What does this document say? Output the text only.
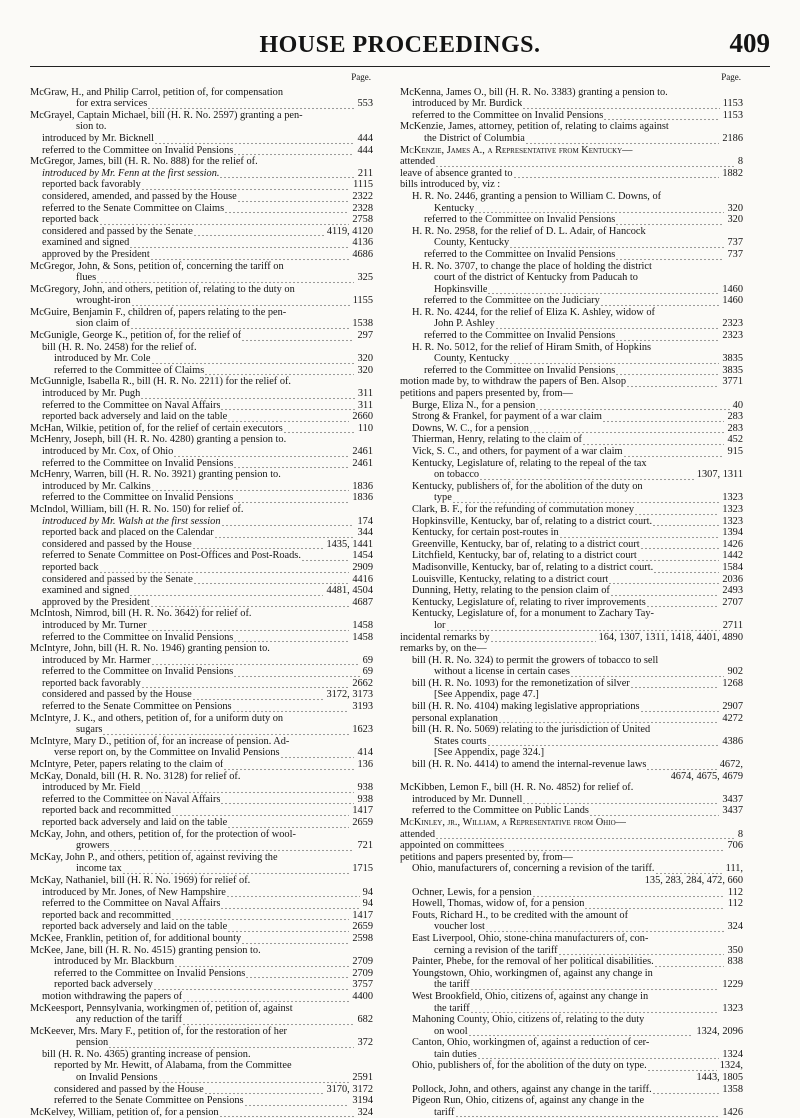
HOUSE PROCEEDINGS.	409
Page.
McGraw, H., and Philip Carrol, petition of, for compensation
for extra services	553
McGrayel, Captain Michael, bill (H. R. No. 2597) granting a pen-
sion to.
introduced by Mr. Bicknell	444
referred to the Committee on Invalid Pensions	444
McGregor, James, bill (H. R. No. 888) for the relief of.
introduced by Mr. Fenn at the first session.	211
reported back favorably	1115
considered, amended, and passed by the House	2322
referred to the Senate Committee on Claims	2328
reported back	2758
considered and passed by the Senate	4119, 4120
examined and signed	4136
approved by the President	4686
McGregor, John, & Sons, petition of, concerning the tariff on
flues	325
McGregory, John, and others, petition of, relating to the duty on
wrought-iron	1155
McGuire, Benjamin F., children of, papers relating to the pen-
sion claim of	1538
McGunigle, George K., petition of, for the relief of	297
bill (H. R. No. 2458) for the relief of.
introduced by Mr. Cole	320
referred to the Committee of Claims	320
McGunnigle, Isabella R., bill (H. R. No. 2211) for the relief of.
introduced by Mr. Pugh	311
referred to the Committee on Naval Affairs	311
reported back adversely and laid on the table	2660
McHan, Wilkie, petition of, for the relief of certain executors	110
McHenry, Joseph, bill (H. R. No. 4280) granting a pension to.
introduced by Mr. Cox, of Ohio	2461
referred to the Committee on Invalid Pensions	2461
McHenry, Warren, bill (H. R. No. 3921) granting pension to.
introduced by Mr. Calkins	1836
referred to the Committee on Invalid Pensions	1836
McIndol, William, bill (H. R. No. 150) for relief of.
introduced by Mr. Walsh at the first session	174
reported back and placed on the Calendar	344
considered and passed by the House	1435, 1441
referred to Senate Committee on Post-Offices and Post-Roads.	1454
reported back	2909
considered and passed by the Senate	4416
examined and signed	4481, 4504
approved by the President	4687
McIntosh, Nimrod, bill (H. R. No. 3642) for relief of.
introduced by Mr. Turner	1458
referred to the Committee on Invalid Pensions	1458
McIntyre, John, bill (H. R. No. 1946) granting pension to.
introduced by Mr. Harmer	69
referred to the Committee on Invalid Pensions	69
reported back favorably	2662
considered and passed by the House	3172, 3173
referred to the Senate Committee on Pensions	3193
McIntyre, J. K., and others, petition of, for a uniform duty on
sugars	1623
McIntyre, Mary D., petition of, for an increase of pension. Ad-
verse report on, by the Committee on Invalid Pensions	414
McIntyre, Peter, papers relating to the claim of	136
McKay, Donald, bill (H. R. No. 3128) for relief of.
introduced by Mr. Field	938
referred to the Committee on Naval Affairs	938
reported back and recommitted	1417
reported back adversely and laid on the table	2659
McKay, John, and others, petition of, for the protection of wool-
growers	721
McKay, John P., and others, petition of, against reviving the
income tax	1715
McKay, Nathaniel, bill (H. R. No. 1969) for relief of.
introduced by Mr. Jones, of New Hampshire	94
referred to the Committee on Naval Affairs	94
reported back and recommitted	1417
reported back adversely and laid on the table	2659
McKee, Franklin, petition of, for additional bounty	2598
McKee, Jane, bill (H. R. No. 4515) granting pension to.
introduced by Mr. Blackburn	2709
referred to the Committee on Invalid Pensions	2709
reported back adversely	3757
motion withdrawing the papers of	4400
McKeesport, Pennsylvania, workingmen of, petition of, against
any reduction of the tariff	682
McKeever, Mrs. Mary F., petition of, for the restoration of her
pension	372
bill (H. R. No. 4365) granting increase of pension.
reported by Mr. Hewitt, of Alabama, from the Committee
on Invalid Pensions	2591
considered and passed by the House	3170, 3172
referred to the Senate Committee on Pensions	3194
McKelvey, William, petition of, for a pension	324
Page.
McKenna, James O., bill (H. R. No. 3383) granting a pension to.
introduced by Mr. Burdick	1153
referred to the Committee on Invalid Pensions	1153
McKenzie, James, attorney, petition of, relating to claims against
the District of Columbia	2186
McKenzie, James A., a Representative from Kentucky—
attended	8
leave of absence granted to	1882
bills introduced by, viz :
H. R. No. 2446, granting a pension to William C. Downs, of
Kentucky	320
referred to the Committee on Invalid Pensions	320
H. R. No. 2958, for the relief of D. L. Adair, of Hancock
County, Kentucky	737
referred to the Committee on Invalid Pensions	737
H. R. No. 3707, to change the place of holding the district
court of the district of Kentucky from Paducah to
Hopkinsville	1460
referred to the Committee on the Judiciary	1460
H. R. No. 4244, for the relief of Eliza K. Ashley, widow of
John P. Ashley	2323
referred to the Committee on Invalid Pensions	2323
H. R. No. 5012, for the relief of Hiram Smith, of Hopkins
County, Kentucky	3835
referred to the Committee on Invalid Pensions	3835
motion made by, to withdraw the papers of Ben. Alsop	3771
petitions and papers presented by, from—
Burge, Eliza N., for a pension	40
Strong & Frankel, for payment of a war claim	283
Downs, W. C., for a pension	283
Thierman, Henry, relating to the claim of	452
Vick, S. C., and others, for payment of a war claim	915
Kentucky, Legislature of, relating to the repeal of the tax
on tobacco	1307, 1311
Kentucky, publishers of, for the abolition of the duty on
type	1323
Clark, B. F., for the refunding of commutation money	1323
Hopkinsville, Kentucky, bar of, relating to a district court.	1323
Kentucky, for certain post-routes in	1394
Greenville, Kentucky, bar of, relating to a district court	1426
Litchfield, Kentucky, bar of, relating to a district court	1442
Madisonville, Kentucky, bar of, relating to a district court.	1584
Louisville, Kentucky, relating to a district court	2036
Dunning, Hetty, relating to the pension claim of	2493
Kentucky, Legislature of, relating to river improvements	2707
Kentucky, Legislature of, for a monument to Zachary Tay-
lor	2711
incidental remarks by	164, 1307, 1311, 1418, 4401, 4890
remarks by, on the—
bill (H. R. No. 324) to permit the growers of tobacco to sell
without a license in certain cases	902
bill (H. R. No. 1093) for the remonetization of silver	1268
[See Appendix, page 47.]
bill (H. R. No. 4104) making legislative appropriations	2907
personal explanation	4272
bill (H. R. No. 5069) relating to the jurisdiction of United
States courts	4386
[See Appendix, page 324.]
bill (H. R. No. 4414) to amend the internal-revenue laws	4672,
4674, 4675, 4679
McKibben, Lemon F., bill (H. R. No. 4852) for relief of.
introduced by Mr. Dunnell	3437
referred to the Committee on Public Lands	3437
McKinley, jr., William, a Representative from Ohio—
attended	8
appointed on committees	706
petitions and papers presented by, from—
Ohio, manufacturers of, concerning a revision of the tariff.	111,
135, 283, 284, 472, 660
Ochner, Lewis, for a pension	112
Howell, Thomas, widow of, for a pension	112
Fouts, Richard H., to be credited with the amount of
voucher lost	324
East Liverpool, Ohio, stone-china manufacturers of, con-
cerning a revision of the tariff	350
Painter, Phebe, for the removal of her political disabilities.	838
Youngstown, Ohio, workingmen of, against any change in
the tariff	1229
West Brookfield, Ohio, citizens of, against any change in
the tariff	1323
Mahoning County, Ohio, citizens of, relating to the duty
on wool	1324, 2096
Canton, Ohio, workingmen of, against a reduction of cer-
tain duties	1324
Ohio, publishers of, for the abolition of the duty on type.	1324,
1443, 1805
Pollock, John, and others, against any change in the tariff.	1358
Pigeon Run, Ohio, citizens of, against any change in the
tariff	1426
